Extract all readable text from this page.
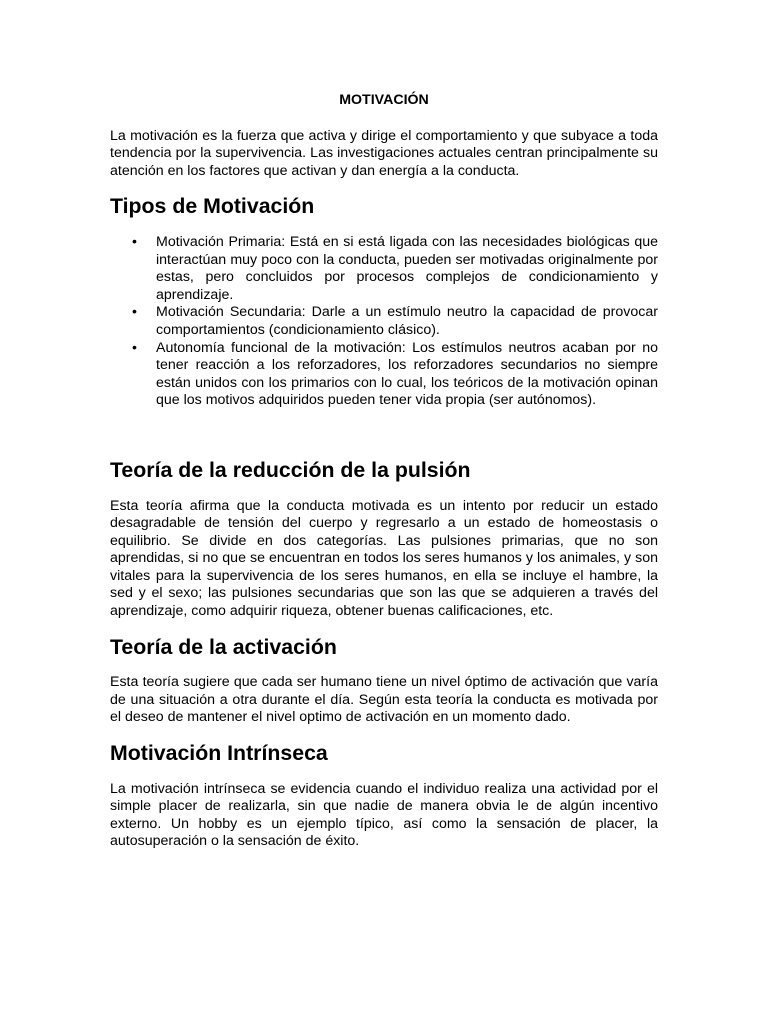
MOTIVACIÓN

La motivación es la fuerza que activa y dirige el comportamiento y que subyace a toda tendencia por la supervivencia. Las investigaciones actuales centran principalmente su atención en los factores que activan y dan energía a la conducta.

Tipos de Motivación
• Motivación Primaria: Está en si está ligada con las necesidades biológicas que interactúan muy poco con la conducta, pueden ser motivadas originalmente por estas, pero concluidos por procesos complejos de condicionamiento y aprendizaje.
• Motivación Secundaria: Darle a un estímulo neutro la capacidad de provocar comportamientos (condicionamiento clásico).
• Autonomía funcional de la motivación: Los estímulos neutros acaban por no tener reacción a los reforzadores, los reforzadores secundarios no siempre están unidos con los primarios con lo cual, los teóricos de la motivación opinan que los motivos adquiridos pueden tener vida propia (ser autónomos).
Teoría de la reducción de la pulsión

Esta teoría afirma que la conducta motivada es un intento por reducir un estado desagradable de tensión del cuerpo y regresarlo a un estado de homeostasis o equilibrio. Se divide en dos categorías. Las pulsiones primarias, que no son aprendidas, si no que se encuentran en todos los seres humanos y los animales, y son vitales para la supervivencia de los seres humanos, en ella se incluye el hambre, la sed y el sexo; las pulsiones secundarias que son las que se adquieren a través del aprendizaje, como adquirir riqueza, obtener buenas calificaciones, etc.

Teoría de la activación

Esta teoría sugiere que cada ser humano tiene un nivel óptimo de activación que varía de una situación a otra durante el día. Según esta teoría la conducta es motivada por el deseo de mantener el nivel optimo de activación en un momento dado.

Motivación Intrínseca

La motivación intrínseca se evidencia cuando el individuo realiza una actividad por el simple placer de realizarla, sin que nadie de manera obvia le de algún incentivo externo. Un hobby es un ejemplo típico, así como la sensación de placer, la autosuperación o la sensación de éxito.
